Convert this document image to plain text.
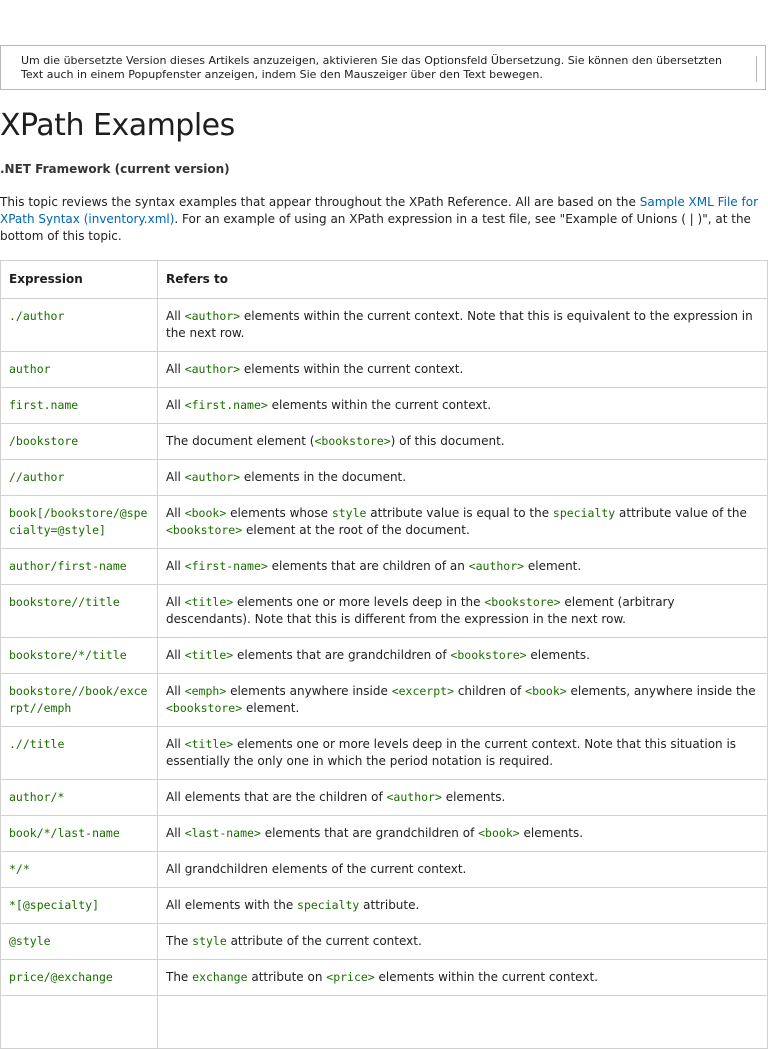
Um die übersetzte Version dieses Artikels anzuzeigen, aktivieren Sie das Optionsfeld Übersetzung. Sie können den übersetzten Text auch in einem Popupfenster anzeigen, indem Sie den Mauszeiger über den Text bewegen.
XPath Examples
.NET Framework (current version)
This topic reviews the syntax examples that appear throughout the XPath Reference. All are based on the Sample XML File for XPath Syntax (inventory.xml). For an example of using an XPath expression in a test file, see "Example of Unions ( | )", at the bottom of this topic.
Expression	Refers to
./author	All <author> elements within the current context. Note that this is equivalent to the expression in the next row.
author	All <author> elements within the current context.
first.name	All <first.name> elements within the current context.
/bookstore	The document element (<bookstore>) of this document.
//author	All <author> elements in the document.
book[/bookstore/@specialty=@style]	All <book> elements whose style attribute value is equal to the specialty attribute value of the <bookstore> element at the root of the document.
author/first-name	All <first-name> elements that are children of an <author> element.
bookstore//title	All <title> elements one or more levels deep in the <bookstore> element (arbitrary descendants). Note that this is different from the expression in the next row.
bookstore/*/title	All <title> elements that are grandchildren of <bookstore> elements.
bookstore//book/excerpt//emph	All <emph> elements anywhere inside <excerpt> children of <book> elements, anywhere inside the <bookstore> element.
.//title	All <title> elements one or more levels deep in the current context. Note that this situation is essentially the only one in which the period notation is required.
author/*	All elements that are the children of <author> elements.
book/*/last-name	All <last-name> elements that are grandchildren of <book> elements.
*/*	All grandchildren elements of the current context.
*[@specialty]	All elements with the specialty attribute.
@style	The style attribute of the current context.
price/@exchange	The exchange attribute on <price> elements within the current context.
